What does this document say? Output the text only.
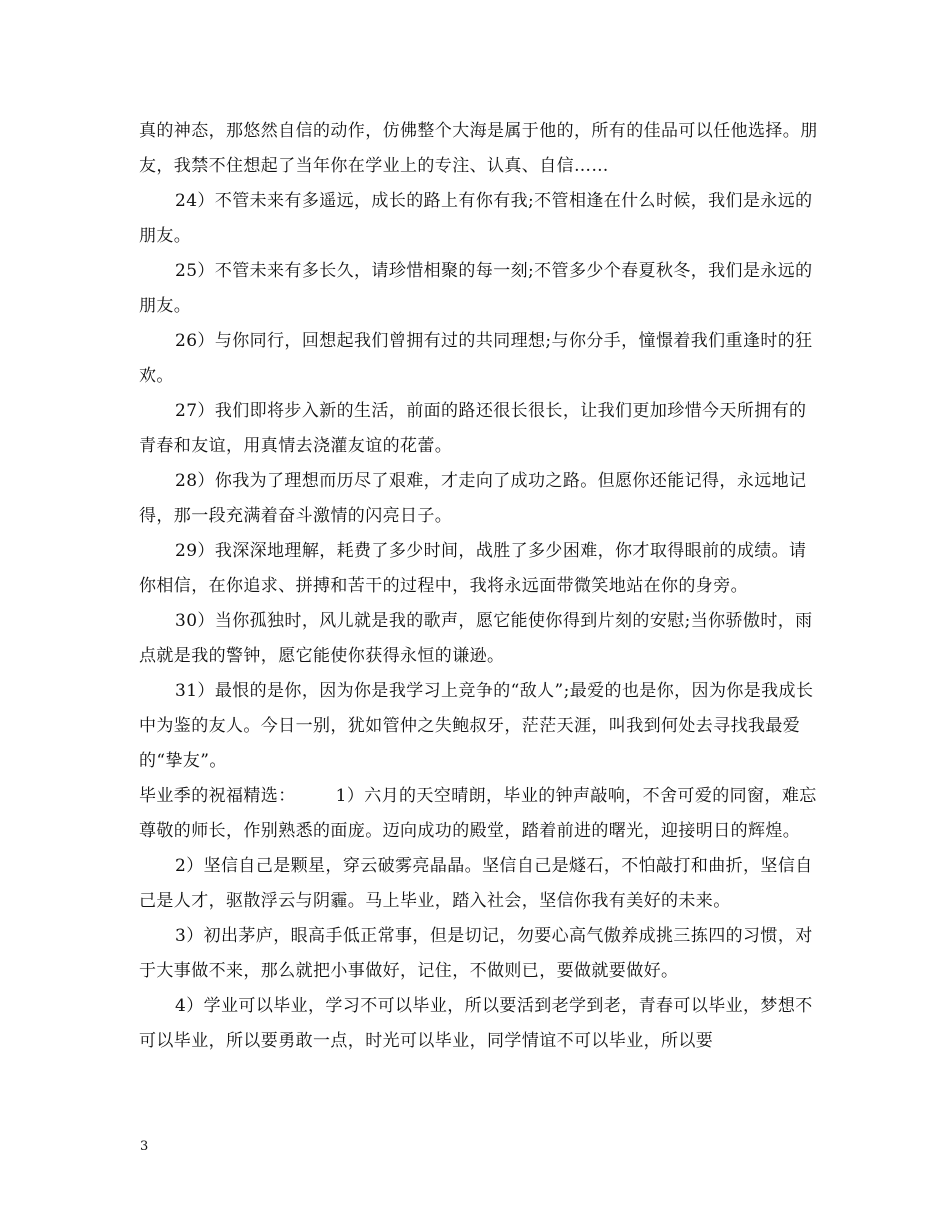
真的神态，那悠然自信的动作，仿佛整个大海是属于他的，所有的佳品可以任他选择。朋友，我禁不住想起了当年你在学业上的专注、认真、自信……

24）不管未来有多遥远，成长的路上有你有我;不管相逢在什么时候，我们是永远的朋友。

25）不管未来有多长久，请珍惜相聚的每一刻;不管多少个春夏秋冬，我们是永远的朋友。

26）与你同行，回想起我们曾拥有过的共同理想;与你分手，憧憬着我们重逢时的狂欢。

27）我们即将步入新的生活，前面的路还很长很长，让我们更加珍惜今天所拥有的青春和友谊，用真情去浇灌友谊的花蕾。

28）你我为了理想而历尽了艰难，才走向了成功之路。但愿你还能记得，永远地记得，那一段充满着奋斗激情的闪亮日子。

29）我深深地理解，耗费了多少时间，战胜了多少困难，你才取得眼前的成绩。请你相信，在你追求、拼搏和苦干的过程中，我将永远面带微笑地站在你的身旁。

30）当你孤独时，风儿就是我的歌声，愿它能使你得到片刻的安慰;当你骄傲时，雨点就是我的警钟，愿它能使你获得永恒的谦逊。

31）最恨的是你，因为你是我学习上竞争的“敌人”;最爱的也是你，因为你是我成长中为鉴的友人。今日一别，犹如管仲之失鲍叔牙，茫茫天涯，叫我到何处去寻找我最爱的“挚友”。

毕业季的祝福精选： 1）六月的天空晴朗，毕业的钟声敲响，不舍可爱的同窗，难忘尊敬的师长，作别熟悉的面庞。迈向成功的殿堂，踏着前进的曙光，迎接明日的辉煌。

2）坚信自己是颗星，穿云破雾亮晶晶。坚信自己是燧石，不怕敲打和曲折，坚信自己是人才，驱散浮云与阴霾。马上毕业，踏入社会，坚信你我有美好的未来。

3）初出茅庐，眼高手低正常事，但是切记，勿要心高气傲养成挑三拣四的习惯，对于大事做不来，那么就把小事做好，记住，不做则已，要做就要做好。

4）学业可以毕业，学习不可以毕业，所以要活到老学到老，青春可以毕业，梦想不可以毕业，所以要勇敢一点，时光可以毕业，同学情谊不可以毕业，所以要

3
